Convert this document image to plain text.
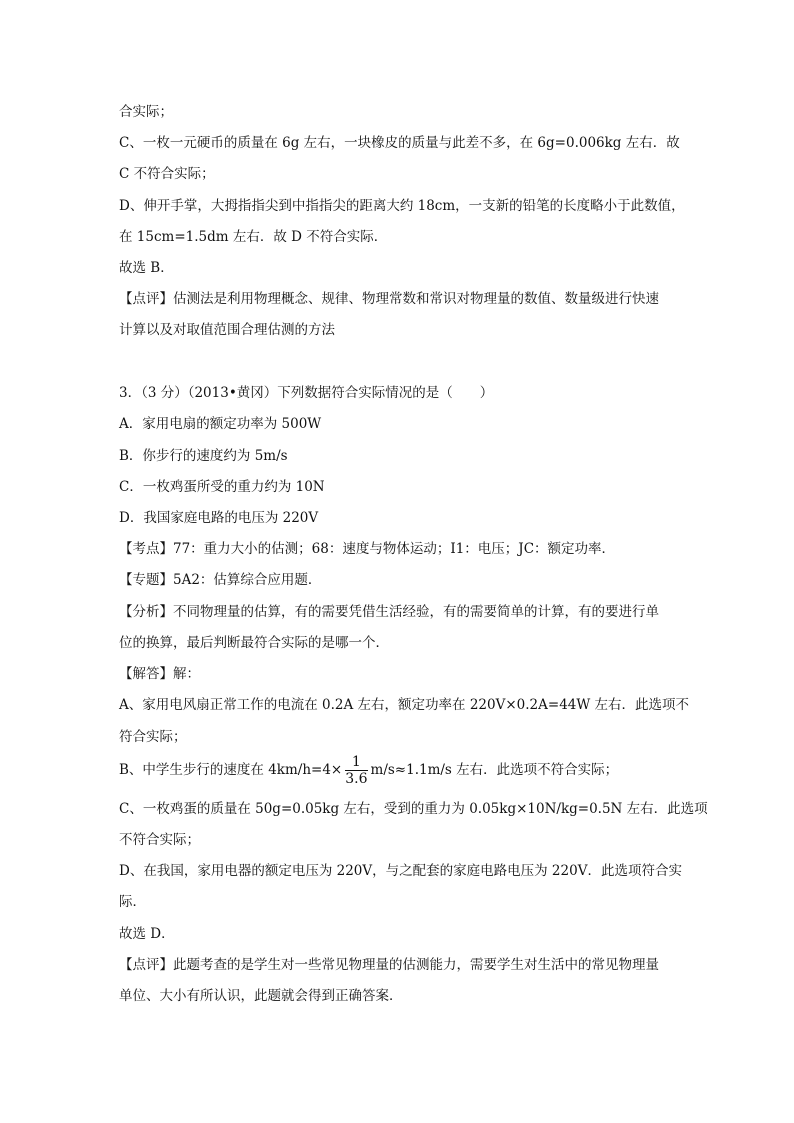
合实际；
C、一枚一元硬币的质量在 6g 左右，一块橡皮的质量与此差不多，在 6g=0.006kg 左右．故
C 不符合实际；
D、伸开手掌，大拇指指尖到中指指尖的距离大约 18cm，一支新的铅笔的长度略小于此数值，
在 15cm=1.5dm 左右．故 D 不符合实际．
故选 B．
【点评】估测法是利用物理概念、规律、物理常数和常识对物理量的数值、数量级进行快速
计算以及对取值范围合理估测的方法
3．（3 分）（2013•黄冈）下列数据符合实际情况的是（　　）
A．家用电扇的额定功率为 500W
B．你步行的速度约为 5m/s
C．一枚鸡蛋所受的重力约为 10N
D．我国家庭电路的电压为 220V
【考点】77：重力大小的估测；68：速度与物体运动；I1：电压；JC：额定功率．
【专题】5A2：估算综合应用题．
【分析】不同物理量的估算，有的需要凭借生活经验，有的需要简单的计算，有的要进行单
位的换算，最后判断最符合实际的是哪一个．
【解答】解：
A、家用电风扇正常工作的电流在 0.2A 左右，额定功率在 220V×0.2A=44W 左右．此选项不
符合实际；
B、中学生步行的速度在 $4km/h=4\times \frac{1}{3.6} m/s\approx 1.1m/s$ 左右．此选项不符合实际；
C、一枚鸡蛋的质量在 50g=0.05kg 左右，受到的重力为 0.05kg×10N/kg=0.5N 左右．此选项
不符合实际；
D、在我国，家用电器的额定电压为 220V，与之配套的家庭电路电压为 220V．此选项符合实
际．
故选 D．
【点评】此题考查的是学生对一些常见物理量的估测能力，需要学生对生活中的常见物理量
单位、大小有所认识，此题就会得到正确答案．
